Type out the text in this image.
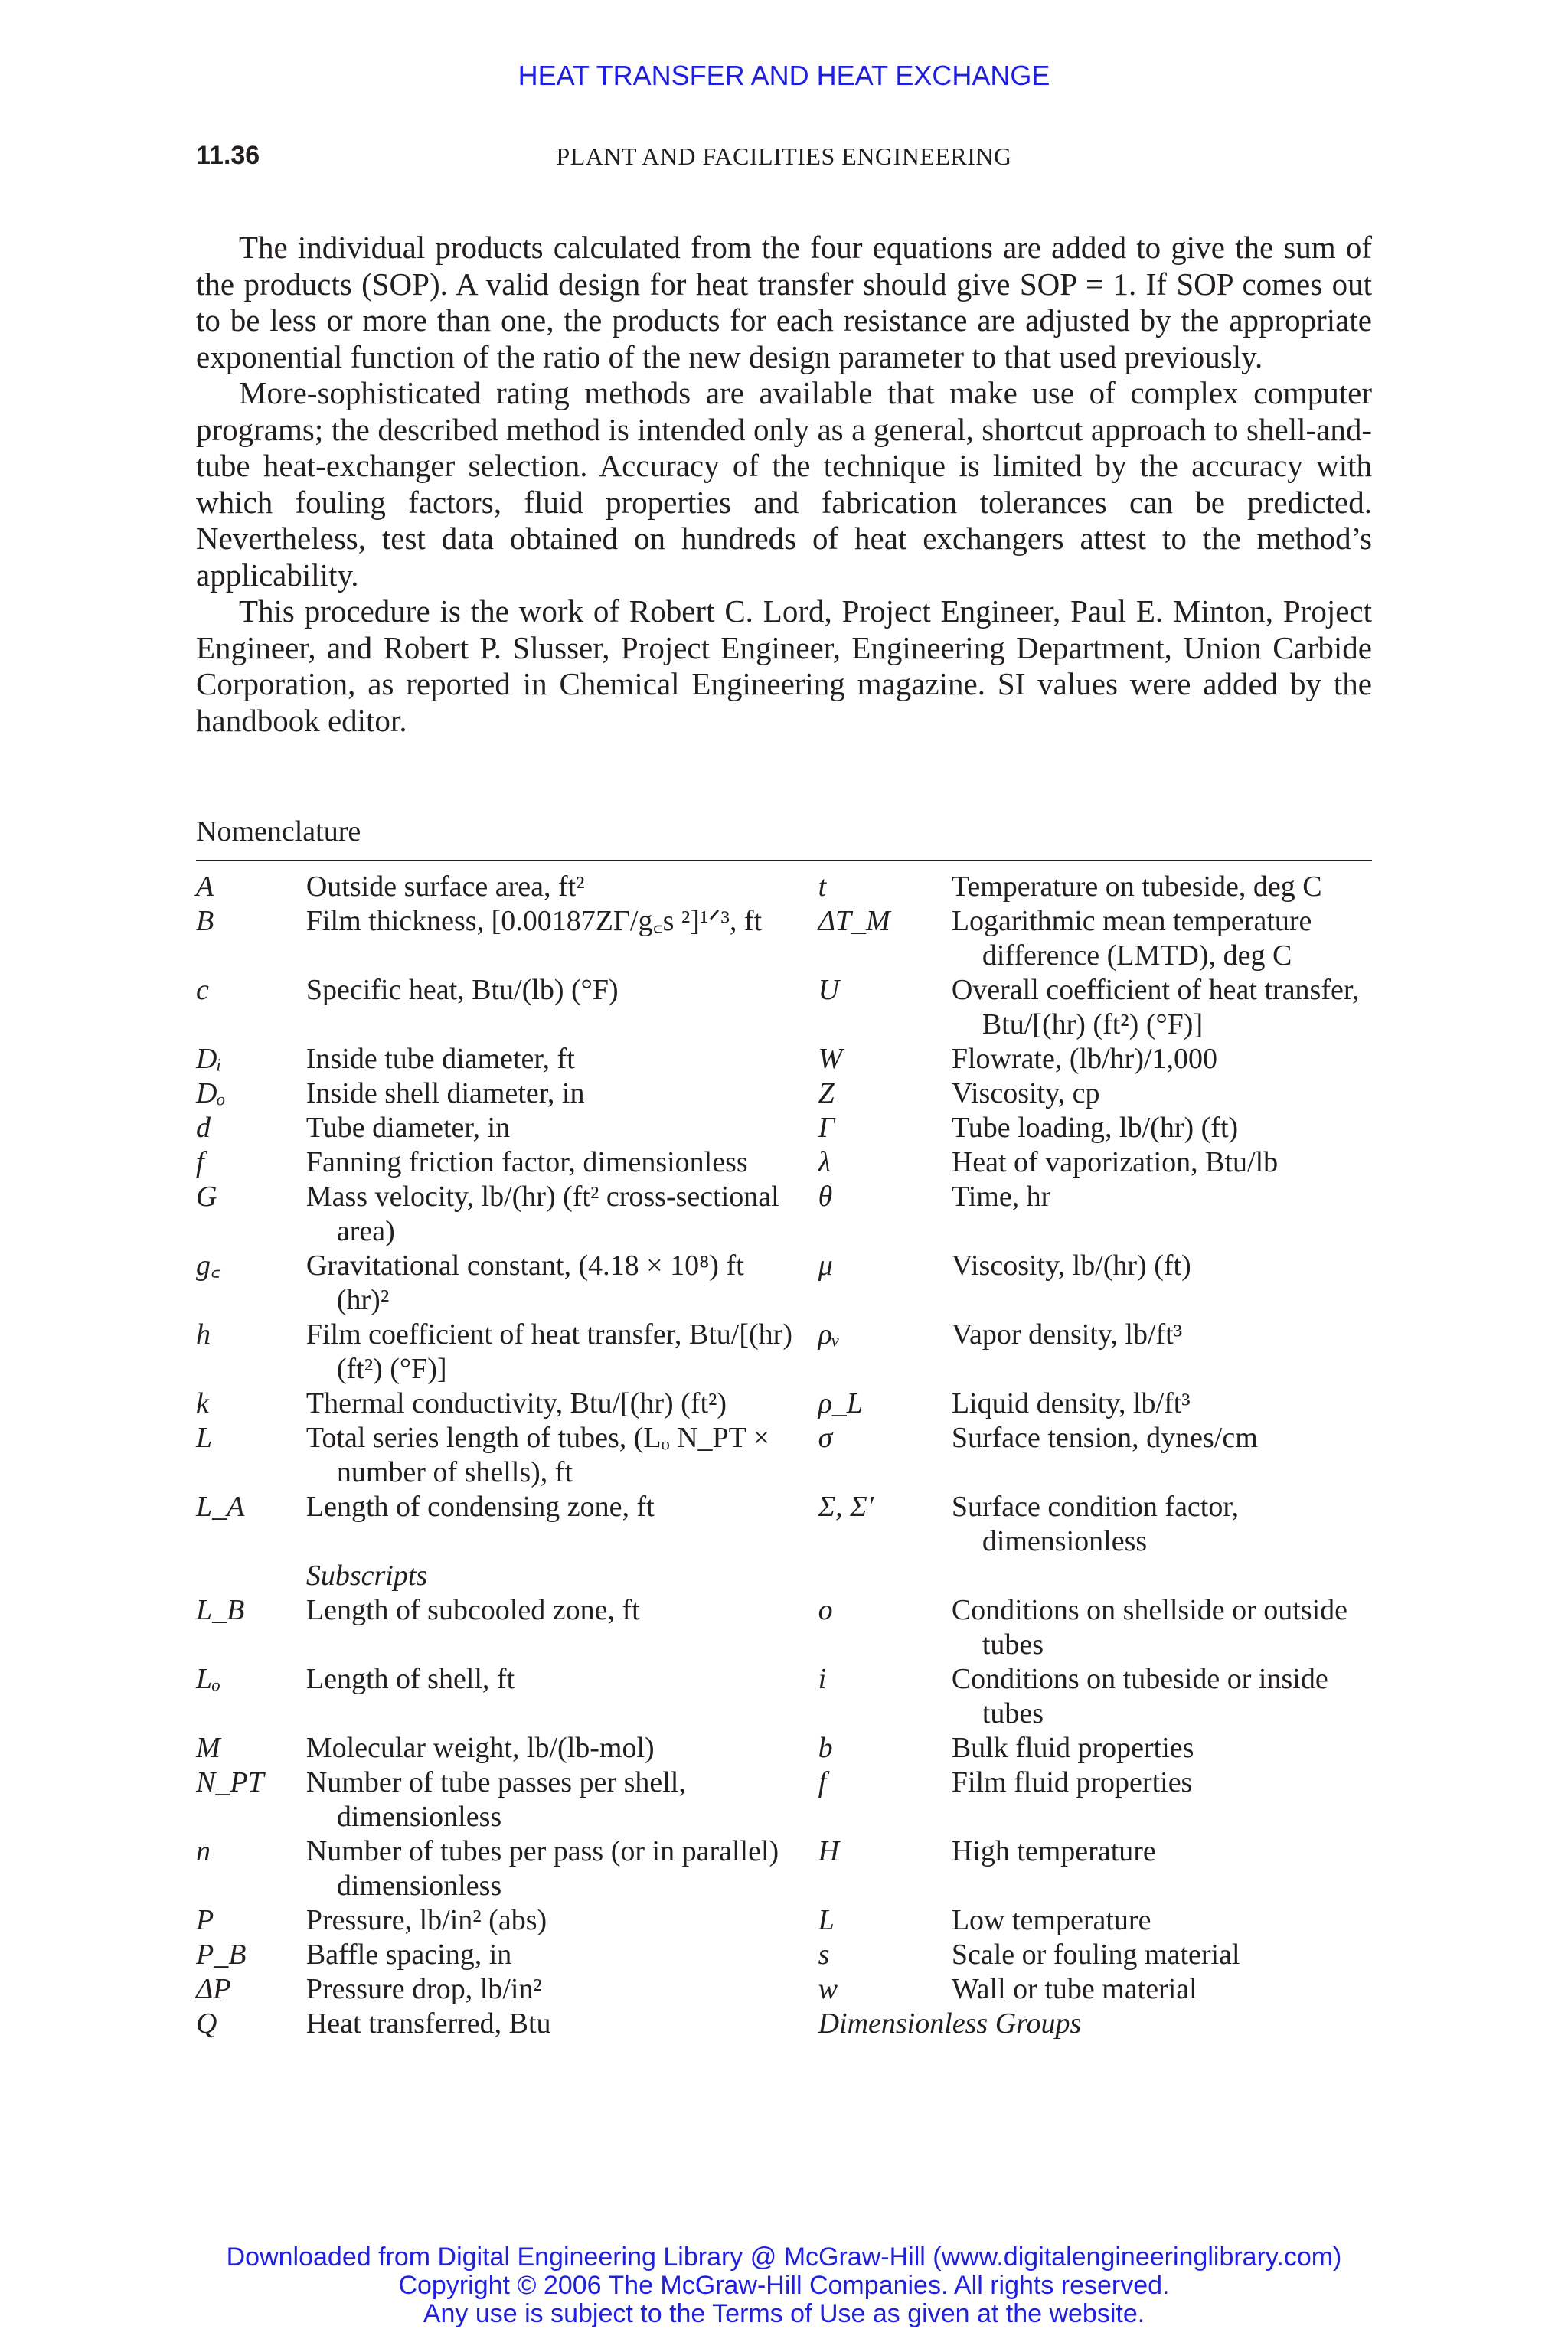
HEAT TRANSFER AND HEAT EXCHANGE
11.36	PLANT AND FACILITIES ENGINEERING

The individual products calculated from the four equations are added to give the sum of the products (SOP). A valid design for heat transfer should give SOP = 1. If SOP comes out to be less or more than one, the products for each resistance are adjusted by the appropriate exponential function of the ratio of the new design parameter to that used previously.

More-sophisticated rating methods are available that make use of complex computer programs; the described method is intended only as a general, shortcut approach to shell-and-tube heat-exchanger selection. Accuracy of the technique is limited by the accuracy with which fouling factors, fluid properties and fabrication tolerances can be predicted. Nevertheless, test data obtained on hundreds of heat exchangers attest to the method’s applicability.

This procedure is the work of Robert C. Lord, Project Engineer, Paul E. Minton, Project Engineer, and Robert P. Slusser, Project Engineer, Engineering Department, Union Carbide Corporation, as reported in Chemical Engineering magazine. SI values were added by the handbook editor.

Nomenclature
A	Outside surface area, ft²	t	Temperature on tubeside, deg C

B	Film thickness, [0.00187ZΓ/g꜀s ²]¹ᐟ³, ft	ΔT_M	Logarithmic mean temperature difference (LMTD), deg C

c	Specific heat, Btu/(lb) (°F)	U	Overall coefficient of heat transfer, Btu/[(hr) (ft²) (°F)]

Dᵢ	Inside tube diameter, ft	W	Flowrate, (lb/hr)/1,000

Dₒ	Inside shell diameter, in	Z	Viscosity, cp

d	Tube diameter, in	Γ	Tube loading, lb/(hr) (ft)

f	Fanning friction factor, dimensionless	λ	Heat of vaporization, Btu/lb

G	Mass velocity, lb/(hr) (ft² cross-sectional area)	θ	Time, hr

g꜀	Gravitational constant, (4.18 × 10⁸) ft (hr)²	μ	Viscosity, lb/(hr) (ft)

h	Film coefficient of heat transfer, Btu/[(hr) (ft²) (°F)]	ρᵥ	Vapor density, lb/ft³

k	Thermal conductivity, Btu/[(hr) (ft²)	ρ_L	Liquid density, lb/ft³

L	Total series length of tubes, (Lₒ N_PT × number of shells), ft	σ	Surface tension, dynes/cm

L_A	Length of condensing zone, ft	Σ, Σ′	Surface condition factor, dimensionless

	Subscripts		
L_B	Length of subcooled zone, ft	o	Conditions on shellside or outside tubes

Lₒ	Length of shell, ft	i	Conditions on tubeside or inside tubes

M	Molecular weight, lb/(lb-mol)	b	Bulk fluid properties

N_PT	Number of tube passes per shell, dimensionless	f	Film fluid properties

n	Number of tubes per pass (or in parallel) dimensionless	H	High temperature

P	Pressure, lb/in² (abs)	L	Low temperature

P_B	Baffle spacing, in	s	Scale or fouling material

ΔP	Pressure drop, lb/in²	w	Wall or tube material

Q	Heat transferred, Btu	Dimensionless Groups	
Downloaded from Digital Engineering Library @ McGraw-Hill (www.digitalengineeringlibrary.com)
Copyright © 2006 The McGraw-Hill Companies. All rights reserved.
Any use is subject to the Terms of Use as given at the website.
